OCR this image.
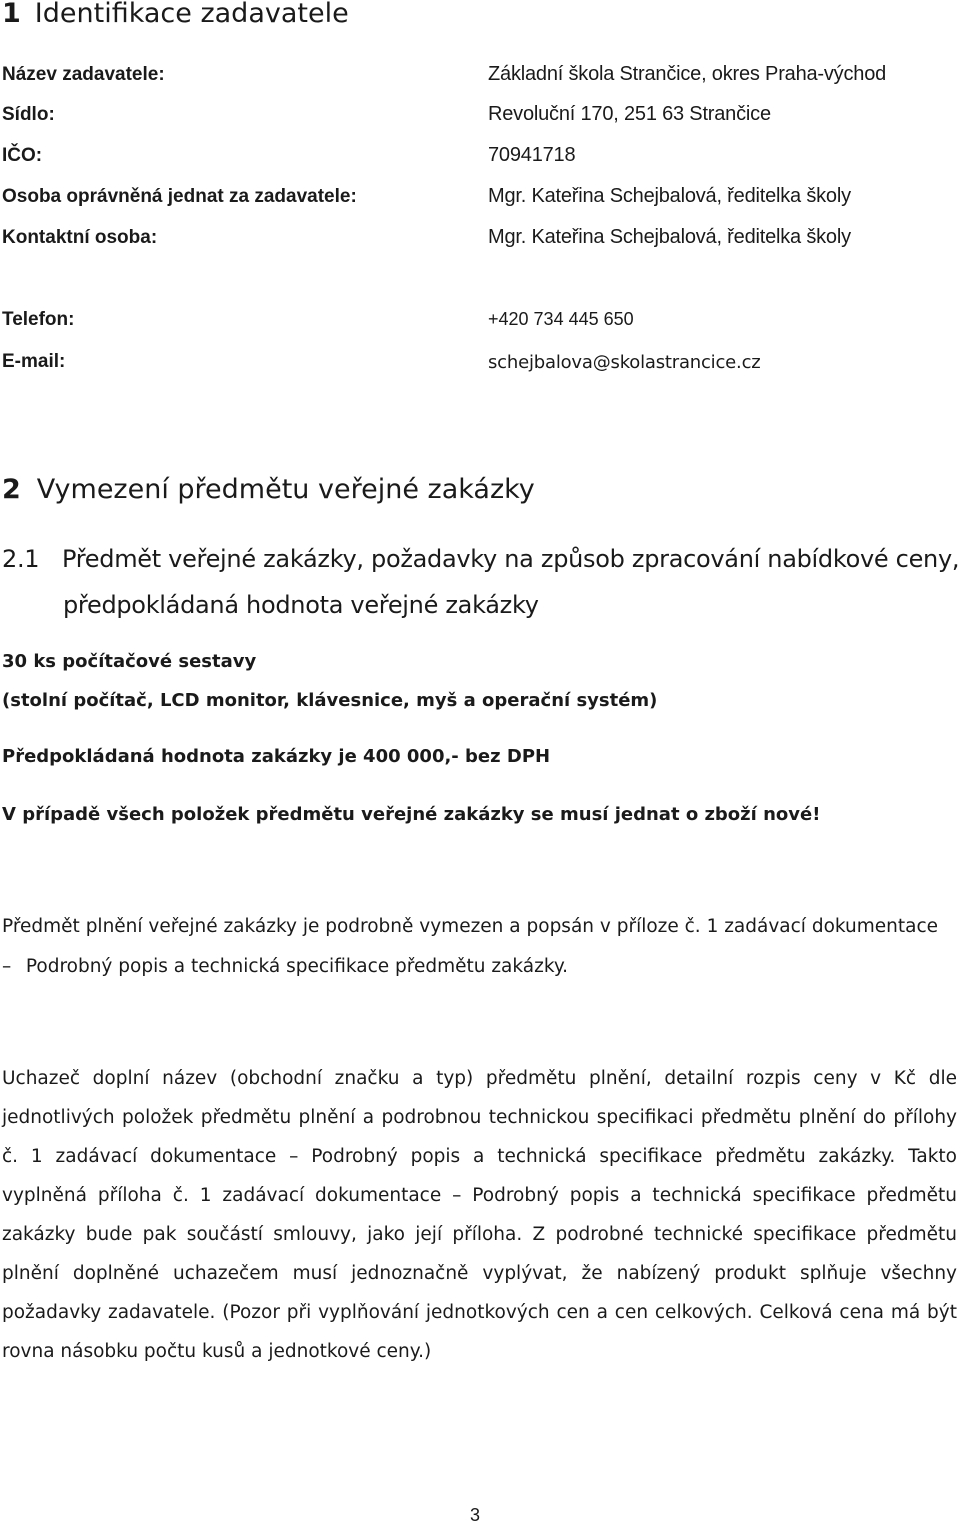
1 Identifikace zadavatele
Název zadavatele:	Základní škola Strančice, okres Praha-východ
Sídlo:	Revoluční 170, 251 63 Strančice
IČO:	70941718
Osoba oprávněná jednat za zadavatele:	Mgr. Kateřina Schejbalová, ředitelka školy
Kontaktní osoba:	Mgr. Kateřina Schejbalová, ředitelka školy
Telefon:	+420 734 445 650
E-mail:	schejbalova@skolastrancice.cz
2 Vymezení předmětu veřejné zakázky
2.1 Předmět veřejné zakázky, požadavky na způsob zpracování nabídkové ceny,
předpokládaná hodnota veřejné zakázky
30 ks počítačové sestavy
(stolní počítač, LCD monitor, klávesnice, myš a operační systém)
Předpokládaná hodnota zakázky je 400 000,- bez DPH
V případě všech položek předmětu veřejné zakázky se musí jednat o zboží nové!
Předmět plnění veřejné zakázky je podrobně vymezen a popsán v příloze č. 1 zadávací dokumentace
– Podrobný popis a technická specifikace předmětu zakázky.
Uchazeč doplní název (obchodní značku a typ) předmětu plnění, detailní rozpis ceny v Kč dle
jednotlivých položek předmětu plnění a podrobnou technickou specifikaci předmětu plnění do přílohy
č. 1 zadávací dokumentace – Podrobný popis a technická specifikace předmětu zakázky. Takto
vyplněná příloha č. 1 zadávací dokumentace – Podrobný popis a technická specifikace předmětu
zakázky bude pak součástí smlouvy, jako její příloha. Z podrobné technické specifikace předmětu
plnění doplněné uchazečem musí jednoznačně vyplývat, že nabízený produkt splňuje všechny
požadavky zadavatele. (Pozor při vyplňování jednotkových cen a cen celkových. Celková cena má být
rovna násobku počtu kusů a jednotkové ceny.)
3
